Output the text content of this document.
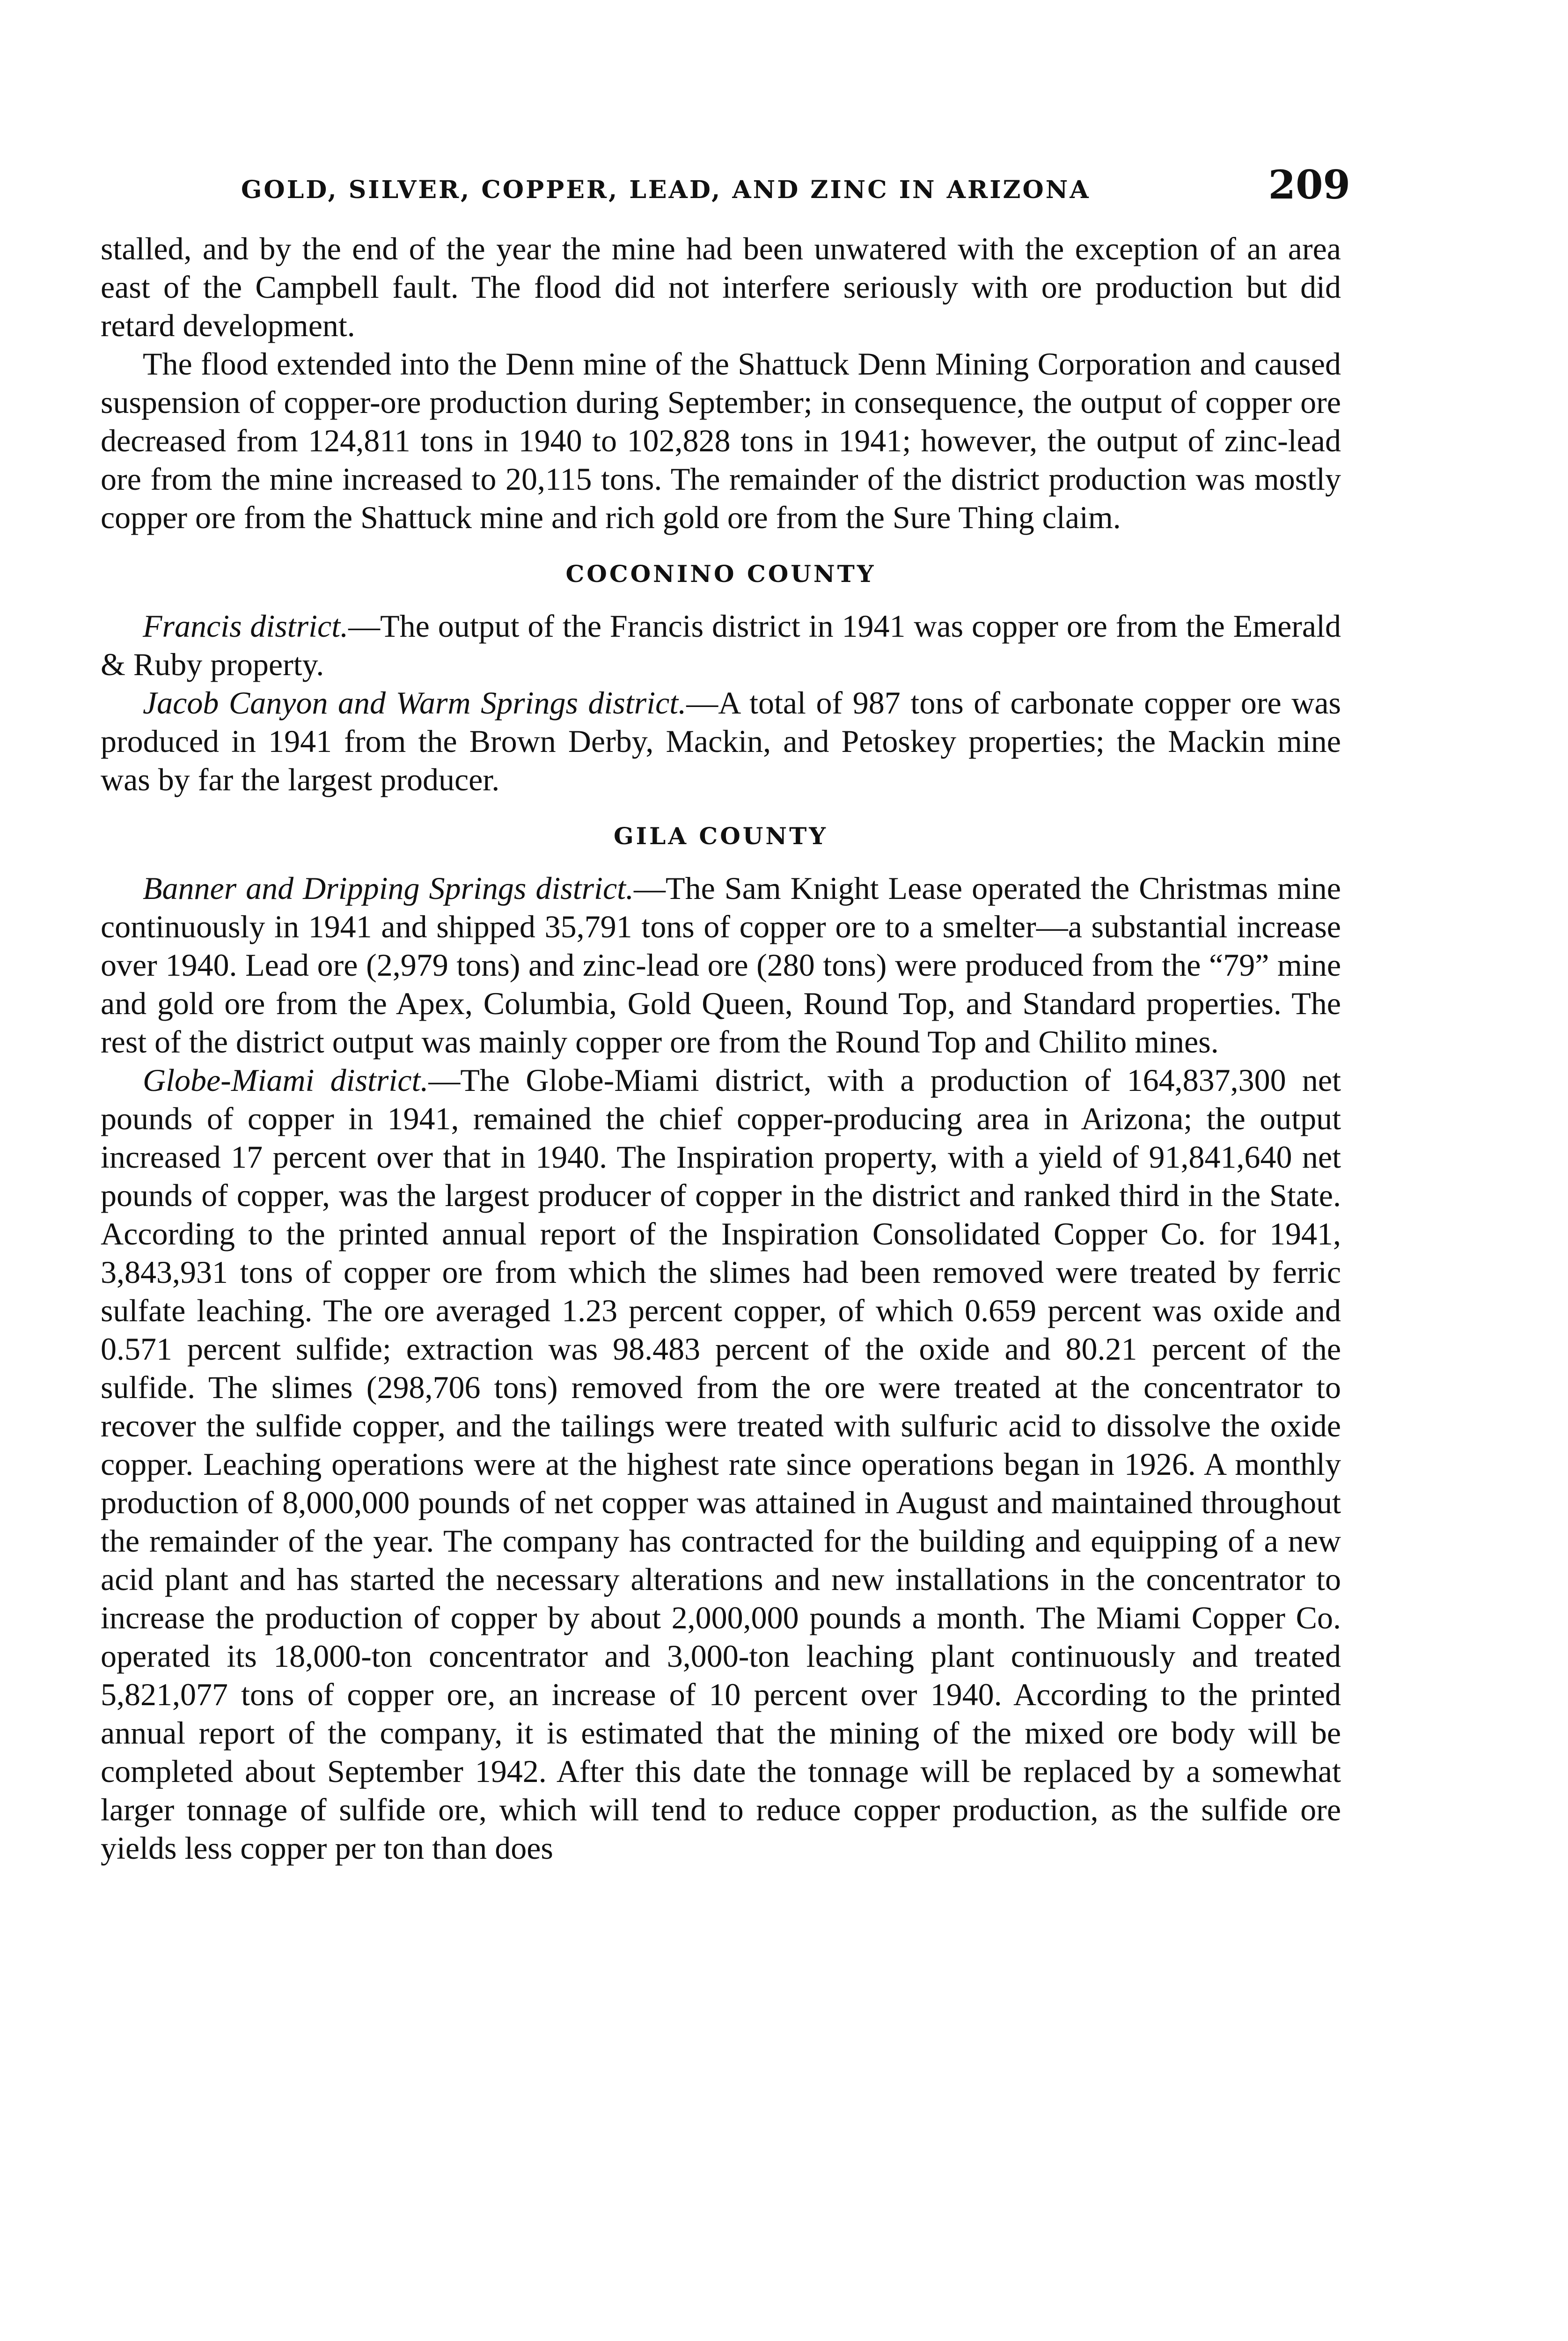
GOLD, SILVER, COPPER, LEAD, AND ZINC IN ARIZONA	209

stalled, and by the end of the year the mine had been unwatered with the exception of an area east of the Campbell fault. The flood did not interfere seriously with ore production but did retard development.

The flood extended into the Denn mine of the Shattuck Denn Mining Corporation and caused suspension of copper-ore production during September; in consequence, the output of copper ore decreased from 124,811 tons in 1940 to 102,828 tons in 1941; however, the output of zinc-lead ore from the mine increased to 20,115 tons. The remainder of the district production was mostly copper ore from the Shattuck mine and rich gold ore from the Sure Thing claim.

COCONINO COUNTY

Francis district.—The output of the Francis district in 1941 was copper ore from the Emerald & Ruby property.

Jacob Canyon and Warm Springs district.—A total of 987 tons of carbonate copper ore was produced in 1941 from the Brown Derby, Mackin, and Petoskey properties; the Mackin mine was by far the largest producer.

GILA COUNTY

Banner and Dripping Springs district.—The Sam Knight Lease operated the Christmas mine continuously in 1941 and shipped 35,791 tons of copper ore to a smelter—a substantial increase over 1940. Lead ore (2,979 tons) and zinc-lead ore (280 tons) were produced from the “79” mine and gold ore from the Apex, Columbia, Gold Queen, Round Top, and Standard properties. The rest of the district output was mainly copper ore from the Round Top and Chilito mines.

Globe-Miami district.—The Globe-Miami district, with a production of 164,837,300 net pounds of copper in 1941, remained the chief copper-producing area in Arizona; the output increased 17 percent over that in 1940. The Inspiration property, with a yield of 91,841,640 net pounds of copper, was the largest producer of copper in the district and ranked third in the State. According to the printed annual report of the Inspiration Consolidated Copper Co. for 1941, 3,843,931 tons of copper ore from which the slimes had been removed were treated by ferric sulfate leaching. The ore averaged 1.23 percent copper, of which 0.659 percent was oxide and 0.571 percent sulfide; extraction was 98.483 percent of the oxide and 80.21 percent of the sulfide. The slimes (298,706 tons) removed from the ore were treated at the concentrator to recover the sulfide copper, and the tailings were treated with sulfuric acid to dissolve the oxide copper. Leaching operations were at the highest rate since operations began in 1926. A monthly production of 8,000,000 pounds of net copper was attained in August and maintained throughout the remainder of the year. The company has contracted for the building and equipping of a new acid plant and has started the necessary alterations and new installations in the concentrator to increase the production of copper by about 2,000,000 pounds a month. The Miami Copper Co. operated its 18,000-ton concentrator and 3,000-ton leaching plant continuously and treated 5,821,077 tons of copper ore, an increase of 10 percent over 1940. According to the printed annual report of the company, it is estimated that the mining of the mixed ore body will be completed about September 1942. After this date the tonnage will be replaced by a somewhat larger tonnage of sulfide ore, which will tend to reduce copper production, as the sulfide ore yields less copper per ton than does
